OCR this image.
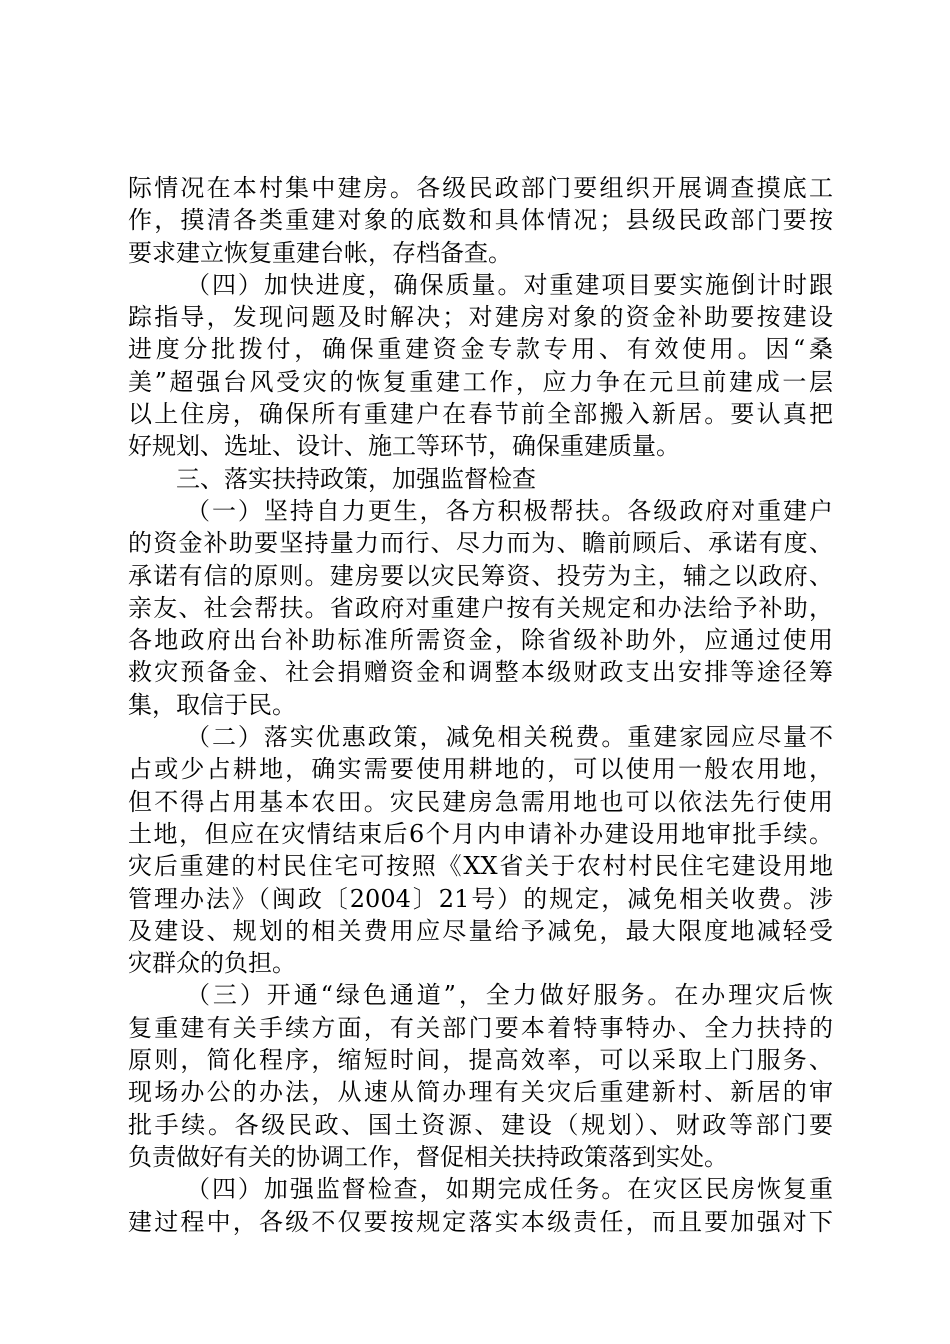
际情况在本村集中建房。各级民政部门要组织开展调查摸底工
作，摸清各类重建对象的底数和具体情况；县级民政部门要按
要求建立恢复重建台帐，存档备查。
（四）加快进度，确保质量。对重建项目要实施倒计时跟
踪指导，发现问题及时解决；对建房对象的资金补助要按建设
进度分批拨付，确保重建资金专款专用、有效使用。因“桑
美”超强台风受灾的恢复重建工作，应力争在元旦前建成一层
以上住房，确保所有重建户在春节前全部搬入新居。要认真把
好规划、选址、设计、施工等环节，确保重建质量。
三、落实扶持政策，加强监督检查
（一）坚持自力更生，各方积极帮扶。各级政府对重建户
的资金补助要坚持量力而行、尽力而为、瞻前顾后、承诺有度、
承诺有信的原则。建房要以灾民筹资、投劳为主，辅之以政府、
亲友、社会帮扶。省政府对重建户按有关规定和办法给予补助，
各地政府出台补助标准所需资金，除省级补助外，应通过使用
救灾预备金、社会捐赠资金和调整本级财政支出安排等途径筹
集，取信于民。
（二）落实优惠政策，减免相关税费。重建家园应尽量不
占或少占耕地，确实需要使用耕地的，可以使用一般农用地，
但不得占用基本农田。灾民建房急需用地也可以依法先行使用
土地，但应在灾情结束后6个月内申请补办建设用地审批手续。
灾后重建的村民住宅可按照《XX省关于农村村民住宅建设用地
管理办法》（闽政〔2004〕21号）的规定，减免相关收费。涉
及建设、规划的相关费用应尽量给予减免，最大限度地减轻受
灾群众的负担。
（三）开通“绿色通道”，全力做好服务。在办理灾后恢
复重建有关手续方面，有关部门要本着特事特办、全力扶持的
原则，简化程序，缩短时间，提高效率，可以采取上门服务、
现场办公的办法，从速从简办理有关灾后重建新村、新居的审
批手续。各级民政、国土资源、建设（规划）、财政等部门要
负责做好有关的协调工作，督促相关扶持政策落到实处。
（四）加强监督检查，如期完成任务。在灾区民房恢复重
建过程中，各级不仅要按规定落实本级责任，而且要加强对下
